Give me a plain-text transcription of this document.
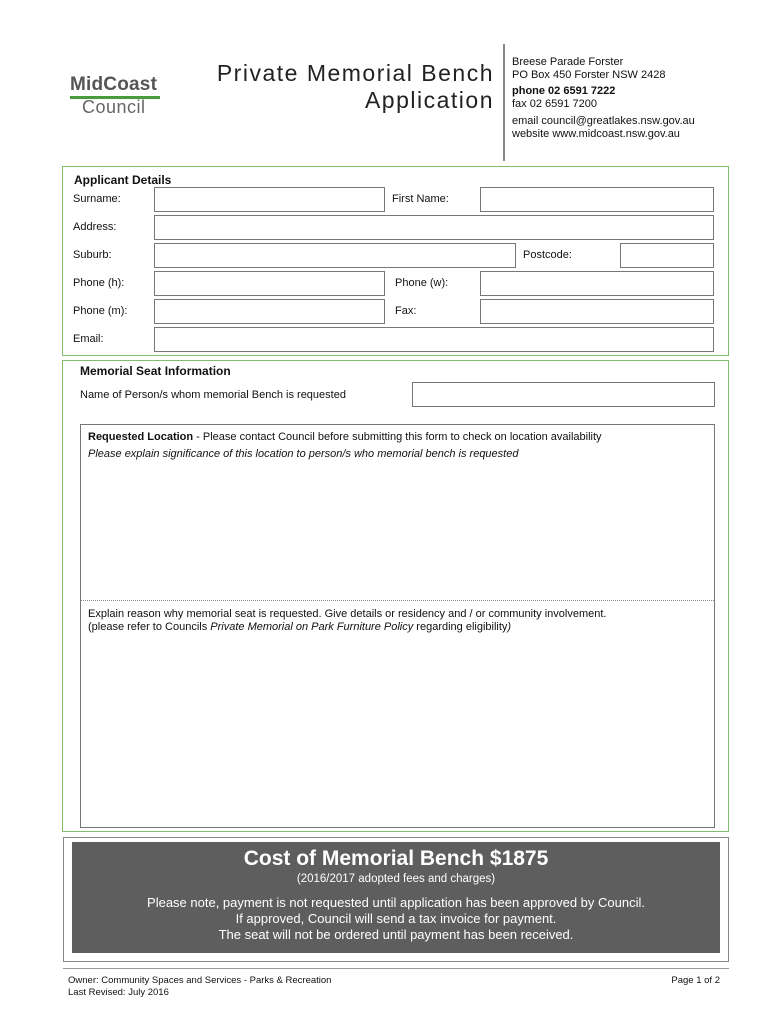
MidCoast
Council
Private Memorial Bench
Application
Breese Parade Forster
PO Box 450 Forster NSW 2428
phone 02 6591 7222
fax 02 6591 7200
email council@greatlakes.nsw.gov.au
website www.midcoast.nsw.gov.au
Applicant Details
Surname:	First Name:
Address:
Suburb:	Postcode:
Phone (h):	Phone (w):
Phone (m):	Fax:
Email:
Memorial Seat Information
Name of Person/s whom memorial Bench is requested
Requested Location - Please contact Council before submitting this form to check on location availability
Please explain significance of this location to person/s who memorial bench is requested
Explain reason why memorial seat is requested. Give details or residency and / or community involvement.
(please refer to Councils Private Memorial on Park Furniture Policy regarding eligibility)
Cost of Memorial Bench $1875
(2016/2017 adopted fees and charges)
Please note, payment is not requested until application has been approved by Council.
If approved, Council will send a tax invoice for payment.
The seat will not be ordered until payment has been received.
Owner: Community Spaces and Services - Parks & Recreation
Last Revised: July 2016
Page 1 of 2
